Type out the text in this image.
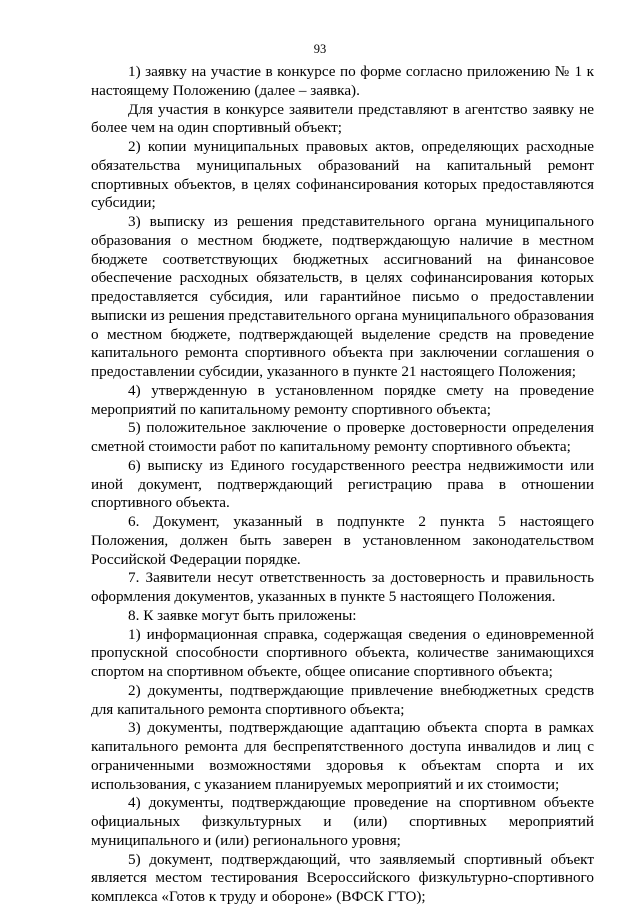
93

1) заявку на участие в конкурсе по форме согласно приложению № 1 к настоящему Положению (далее – заявка).

Для участия в конкурсе заявители представляют в агентство заявку не более чем на один спортивный объект;

2) копии муниципальных правовых актов, определяющих расходные обязательства муниципальных образований на капитальный ремонт спортивных объектов, в целях софинансирования которых предоставляются субсидии;

3) выписку из решения представительного органа муниципального образования о местном бюджете, подтверждающую наличие в местном бюджете соответствующих бюджетных ассигнований на финансовое обеспечение расходных обязательств, в целях софинансирования которых предоставляется субсидия, или гарантийное письмо о предоставлении выписки из решения представительного органа муниципального образования о местном бюджете, подтверждающей выделение средств на проведение капитального ремонта спортивного объекта при заключении соглашения о предоставлении субсидии, указанного в пункте 21 настоящего Положения;

4) утвержденную в установленном порядке смету на проведение мероприятий по капитальному ремонту спортивного объекта;

5) положительное заключение о проверке достоверности определения сметной стоимости работ по капитальному ремонту спортивного объекта;

6) выписку из Единого государственного реестра недвижимости или иной документ, подтверждающий регистрацию права в отношении спортивного объекта.

6. Документ, указанный в подпункте 2 пункта 5 настоящего Положения, должен быть заверен в установленном законодательством Российской Федерации порядке.

7. Заявители несут ответственность за достоверность и правильность оформления документов, указанных в пункте 5 настоящего Положения.

8. К заявке могут быть приложены:

1) информационная справка, содержащая сведения о единовременной пропускной способности спортивного объекта, количестве занимающихся спортом на спортивном объекте, общее описание спортивного объекта;

2) документы, подтверждающие привлечение внебюджетных средств для капитального ремонта спортивного объекта;

3) документы, подтверждающие адаптацию объекта спорта в рамках капитального ремонта для беспрепятственного доступа инвалидов и лиц с ограниченными возможностями здоровья к объектам спорта и их использования, с указанием планируемых мероприятий и их стоимости;

4) документы, подтверждающие проведение на спортивном объекте официальных физкультурных и (или) спортивных мероприятий муниципального и (или) регионального уровня;

5) документ, подтверждающий, что заявляемый спортивный объект является местом тестирования Всероссийского физкультурно-спортивного комплекса «Готов к труду и обороне» (ВФСК ГТО);
